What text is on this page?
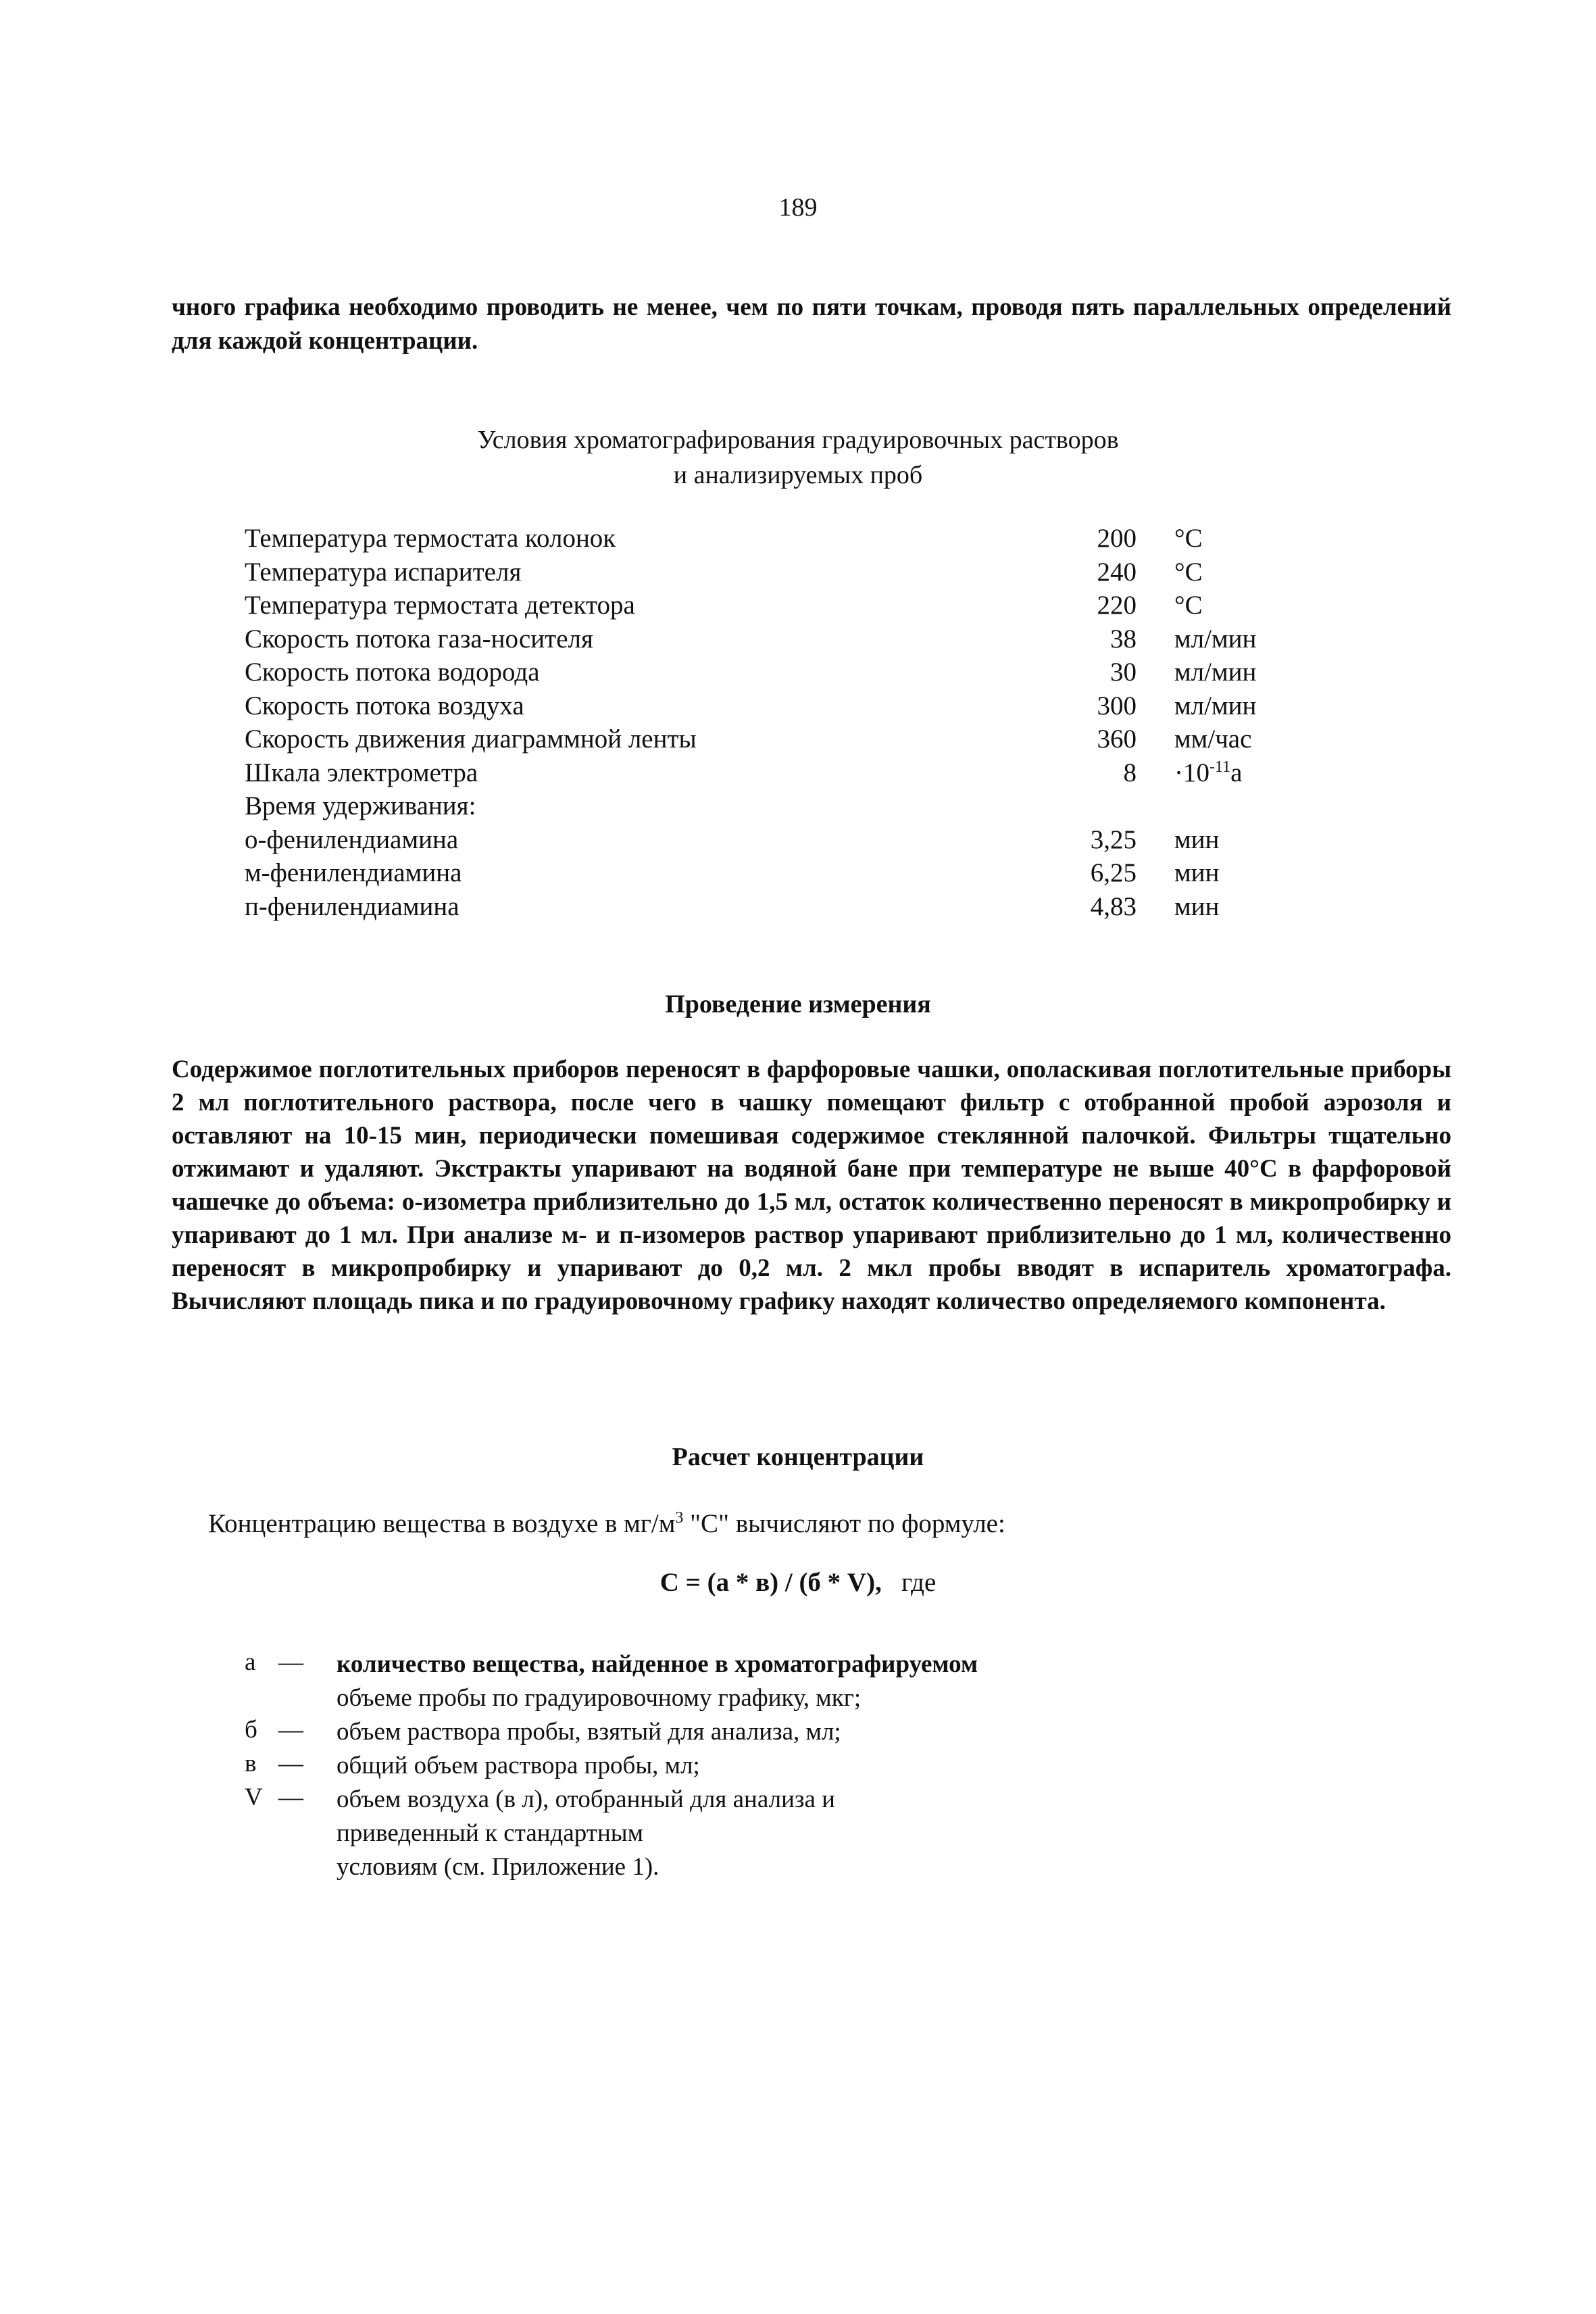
189
чного графика необходимо проводить не менее, чем по пяти точкам, проводя пять параллельных определений для каждой концентрации.
Условия хроматографирования градуировочных растворов
и анализируемых проб
Температура термостата колонок	200	°С
Температура испарителя	240	°С
Температура термостата детектора	220	°С
Скорость потока газа-носителя	38	мл/мин
Скорость потока водорода	30	мл/мин
Скорость потока воздуха	300	мл/мин
Скорость движения диаграммной ленты	360	мм/час
Шкала электрометра	8	$\cdot 10^{-11}а$
Время удерживания:		
о-фенилендиамина	3,25	мин
м-фенилендиамина	6,25	мин
п-фенилендиамина	4,83	мин
Проведение измерения
Содержимое поглотительных приборов переносят в фарфоровые чашки, ополаскивая поглотительные приборы 2 мл поглотительного раствора, после чего в чашку помещают фильтр с отобранной пробой аэрозоля и оставляют на 10-15 мин, периодически помешивая содержимое стеклянной палочкой. Фильтры тщательно отжимают и удаляют. Экстракты упаривают на водяной бане при температуре не выше 40°С в фарфоровой чашечке до объема: о-изометра приблизительно до 1,5 мл, остаток количественно переносят в микропробирку и упаривают до 1 мл. При анализе м- и п-изомеров раствор упаривают приблизительно до 1 мл, количественно переносят в микропробирку и упаривают до 0,2 мл. 2 мкл пробы вводят в испаритель хроматографа. Вычисляют площадь пика и по градуировочному графику находят количество определяемого компонента.
Расчет концентрации
Концентрацию вещества в воздухе в $мг/м^3$ "С" вычисляют по формуле:
С = (а * в) / (б * V), где
а —	количество вещества, найденное в хроматографируемом
объеме пробы по градуировочному графику, мкг;
б —	объем раствора пробы, взятый для анализа, мл;
в —	общий объем раствора пробы, мл;
V —	объем воздуха (в л), отобранный для анализа и
приведенный к стандартным
условиям (см. Приложение 1).
